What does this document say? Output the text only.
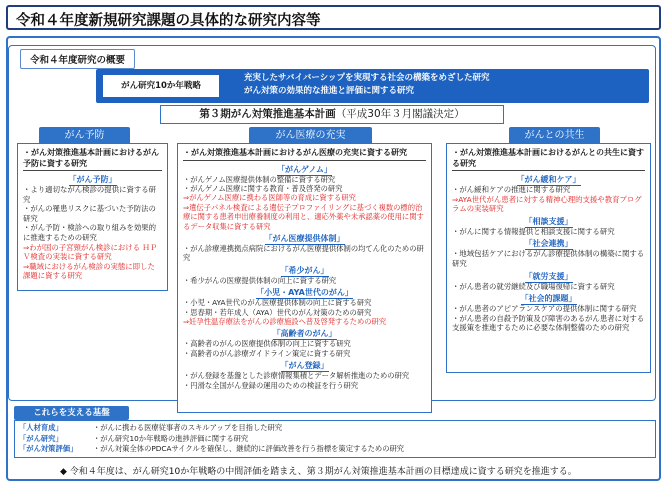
令和４年度新規研究課題の具体的な研究内容等
令和４年度研究の概要
がん研究10か年戦略
充実したサバイバーシップを実現する社会の構築をめざした研究
がん対策の効果的な推進と評価に関する研究
第３期がん対策推進基本計画（平成30年３月閣議決定）
がん予防
・がん対策推進基本計画におけるがん予防に資する研究
「がん予防」
・より適切ながん検診の提供に資する研究
・がんの罹患リスクに基づいた予防法の研究
・がん予防・検診への取り組みを効果的に推進するための研究
⇒わが国の子宮頸がん検診における ＨＰＶ検査の実装に資する研究
⇒職域におけるがん検診の実態に即した課題に資する研究
がん医療の充実
・がん対策推進基本計画におけるがん医療の充実に資する研究
「がんゲノム」
・がんゲノム医療提供体制の整備に資する研究
・がんゲノム医療に関する教育・普及啓発の研究
⇒がんゲノム医療に携わる医師等の育成に資する研究
⇒遺伝子パネル検査による遺伝子プロファイリングに基づく複数の標的治療に関する患者申出療養制度の利用と、適応外薬や未承認薬の使用に関するデータ収集に資する研究
「がん医療提供体制」
・がん診療連携拠点病院におけるがん医療提供体制の均てん化のための研究
「希少がん」
・希少がんの医療提供体制の向上に資する研究
「小児・AYA世代のがん」
・小児・AYA世代のがん医療提供体制の向上に資する研究
・思春期・若年成人（AYA）世代のがん対策のための研究
⇒妊孕性温存療法をがんの診療施設へ普及啓発するための研究
「高齢者のがん」
・高齢者のがんの医療提供体制の向上に資する研究
・高齢者のがん診療ガイドライン策定に資する研究
「がん登録」
・がん登録を基盤とした診療情報集積とデータ解析推進のための研究
・円滑な全国がん登録の運用のための検証を行う研究
がんとの共生
・がん対策推進基本計画におけるがんとの共生に資する研究
「がん緩和ケア」
・がん緩和ケアの推進に関する研究
⇒AYA世代がん患者に対する精神心理的支援や教育プログラムの実装研究
「相談支援」
・がんに関する情報提供と相談支援に関する研究
「社会連携」
・地域包括ケアにおけるがん診療提供体制の構築に関する研究
「就労支援」
・がん患者の就労継続及び職場復帰に資する研究
「社会的課題」
・がん患者のアピアランスケアの提供体制に関する研究
・がん患者の自殺予防策及び障害のあるがん患者に対する支援策を推進するために必要な体制整備のための研究
これらを支える基盤
「人材育成」	・がんに携わる医療従事者のスキルアップを目指した研究
「がん研究」	・がん研究10か年戦略の進捗評価に関する研究
「がん対策評価」	・がん対策全体のPDCAサイクルを確保し、継続的に評価改善を行う指標を策定するための研究
◆ 令和４年度は、がん研究10か年戦略の中間評価を踏まえ、第３期がん対策推進基本計画の目標達成に資する研究を推進する。
